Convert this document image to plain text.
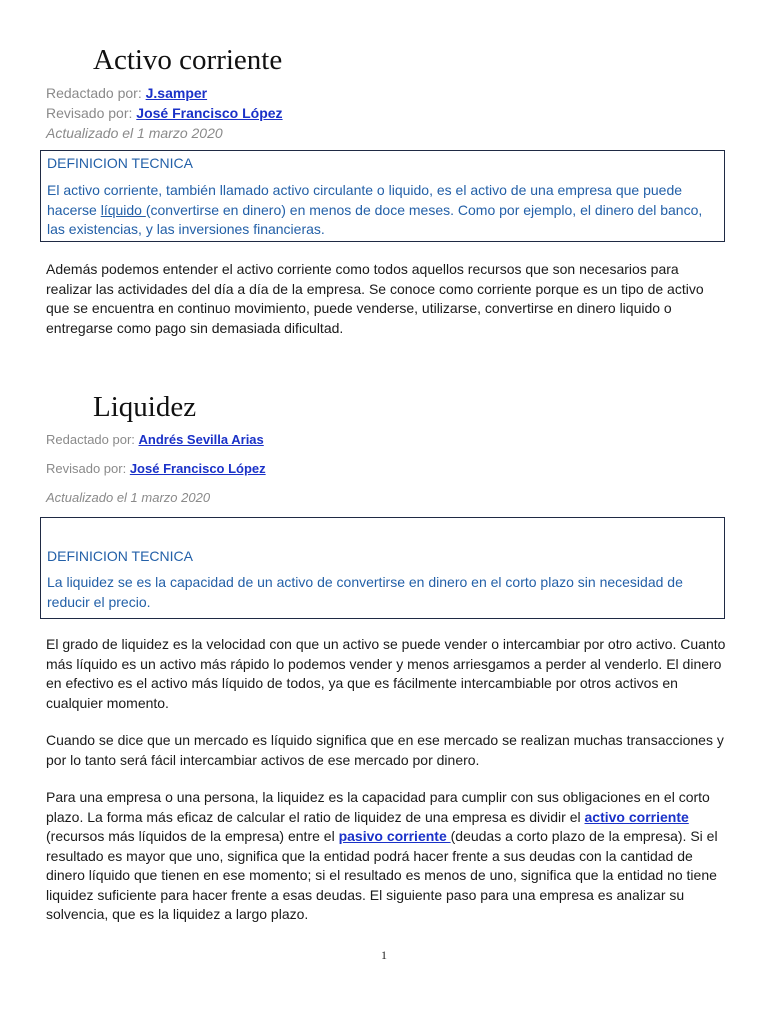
Activo corriente

Redactado por: J.samper

Revisado por: José Francisco López

Actualizado el 1 marzo 2020

DEFINICION TECNICA

El activo corriente, también llamado activo circulante o liquido, es el activo de una empresa que puede hacerse líquido (convertirse en dinero) en menos de doce meses. Como por ejemplo, el dinero del banco, las existencias, y las inversiones financieras.

Además podemos entender el activo corriente como todos aquellos recursos que son necesarios para realizar las actividades del día a día de la empresa. Se conoce como corriente porque es un tipo de activo que se encuentra en continuo movimiento, puede venderse, utilizarse, convertirse en dinero liquido o entregarse como pago sin demasiada dificultad.

Liquidez

Redactado por: Andrés Sevilla Arias

Revisado por: José Francisco López

Actualizado el 1 marzo 2020

DEFINICION TECNICA

La liquidez se es la capacidad de un activo de convertirse en dinero en el corto plazo sin necesidad de reducir el precio.

El grado de liquidez es la velocidad con que un activo se puede vender o intercambiar por otro activo. Cuanto más líquido es un activo más rápido lo podemos vender y menos arriesgamos a perder al venderlo. El dinero en efectivo es el activo más líquido de todos, ya que es fácilmente intercambiable por otros activos en cualquier momento.

Cuando se dice que un mercado es líquido significa que en ese mercado se realizan muchas transacciones y por lo tanto será fácil intercambiar activos de ese mercado por dinero.

Para una empresa o una persona, la liquidez es la capacidad para cumplir con sus obligaciones en el corto plazo. La forma más eficaz de calcular el ratio de liquidez de una empresa es dividir el activo corriente (recursos más líquidos de la empresa) entre el pasivo corriente (deudas a corto plazo de la empresa). Si el resultado es mayor que uno, significa que la entidad podrá hacer frente a sus deudas con la cantidad de dinero líquido que tienen en ese momento; si el resultado es menos de uno, significa que la entidad no tiene liquidez suficiente para hacer frente a esas deudas. El siguiente paso para una empresa es analizar su solvencia, que es la liquidez a largo plazo.

1
